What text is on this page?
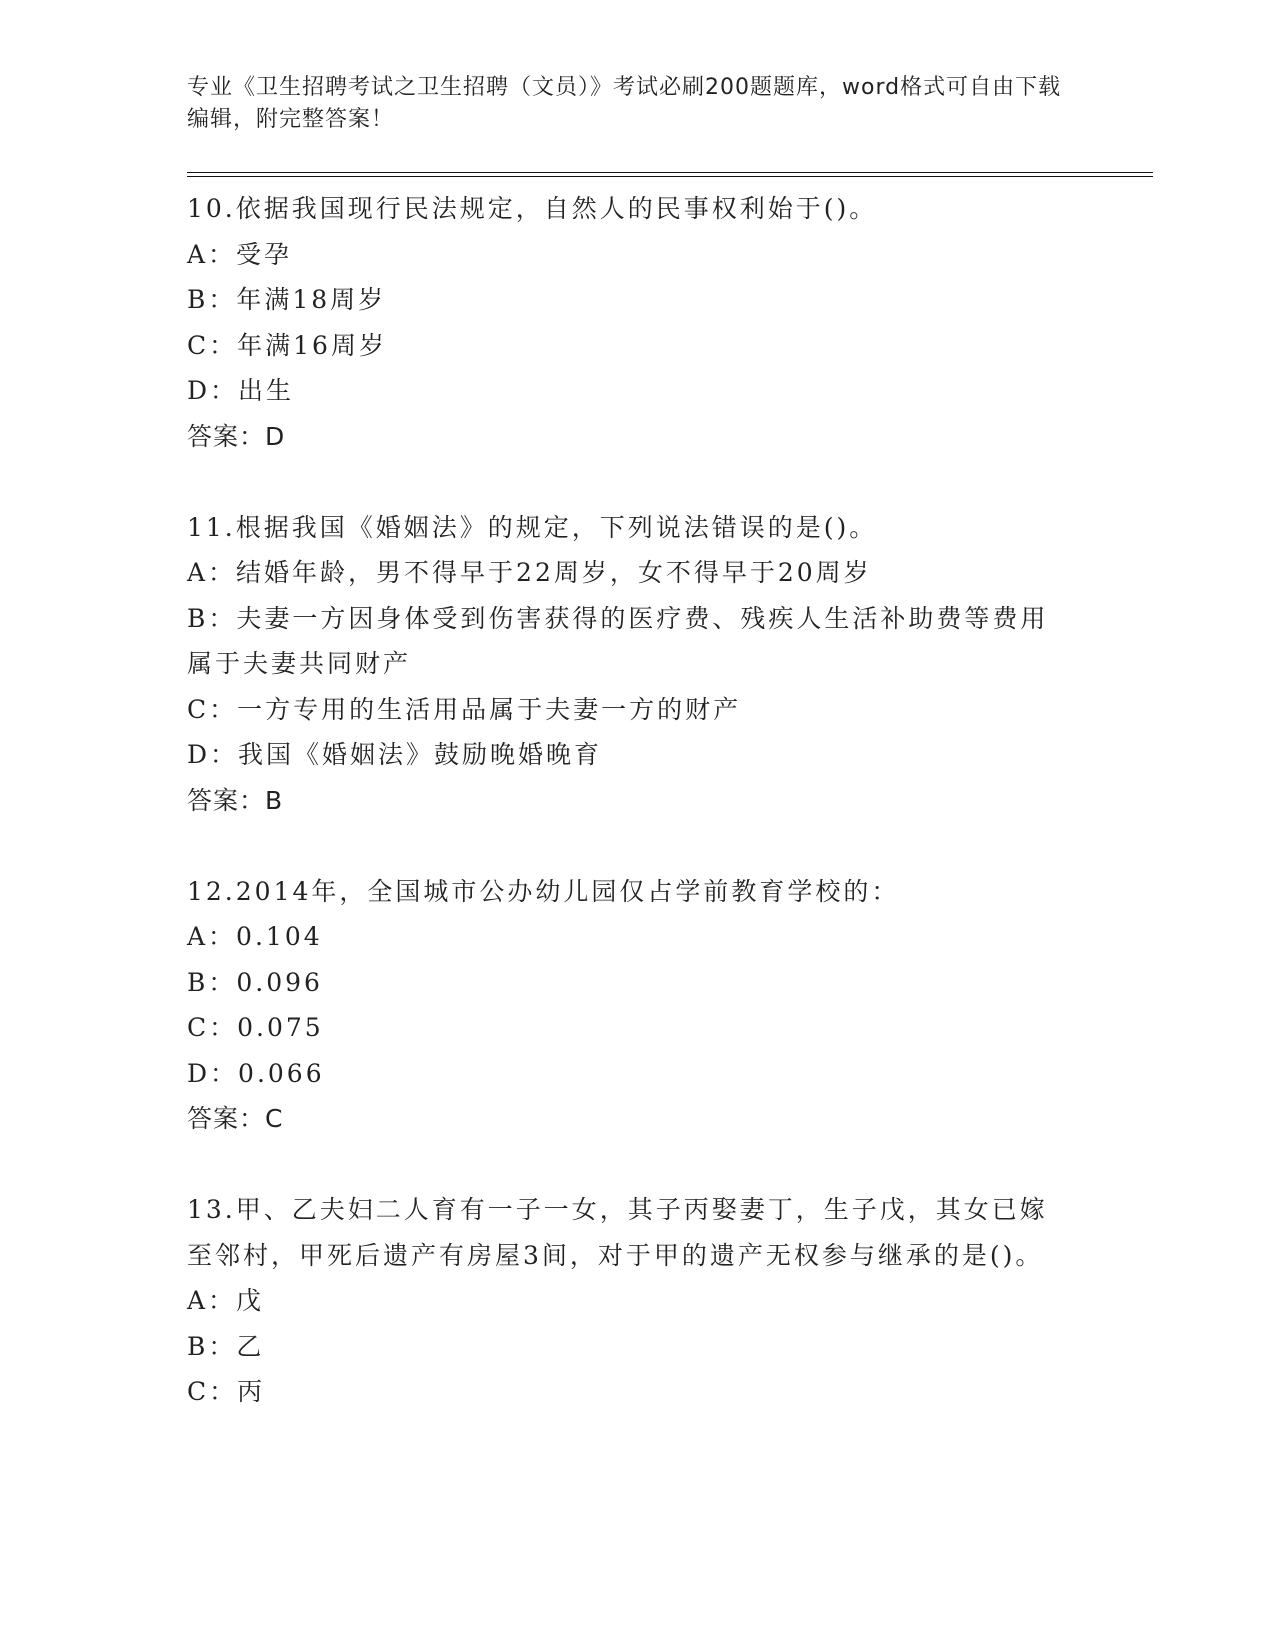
专业《卫生招聘考试之卫生招聘（文员）》考试必刷200题题库，word格式可自由下载编辑，附完整答案！

10.依据我国现行民法规定，自然人的民事权利始于()。

A：受孕

B：年满18周岁

C：年满16周岁

D：出生

答案：D

11.根据我国《婚姻法》的规定，下列说法错误的是()。

A：结婚年龄，男不得早于22周岁，女不得早于20周岁

B：夫妻一方因身体受到伤害获得的医疗费、残疾人生活补助费等费用属于夫妻共同财产

C：一方专用的生活用品属于夫妻一方的财产

D：我国《婚姻法》鼓励晚婚晚育

答案：B

12.2014年，全国城市公办幼儿园仅占学前教育学校的：

A：0.104

B：0.096

C：0.075

D：0.066

答案：C

13.甲、乙夫妇二人育有一子一女，其子丙娶妻丁，生子戊，其女已嫁至邻村，甲死后遗产有房屋3间，对于甲的遗产无权参与继承的是()。

A：戊

B：乙

C：丙
